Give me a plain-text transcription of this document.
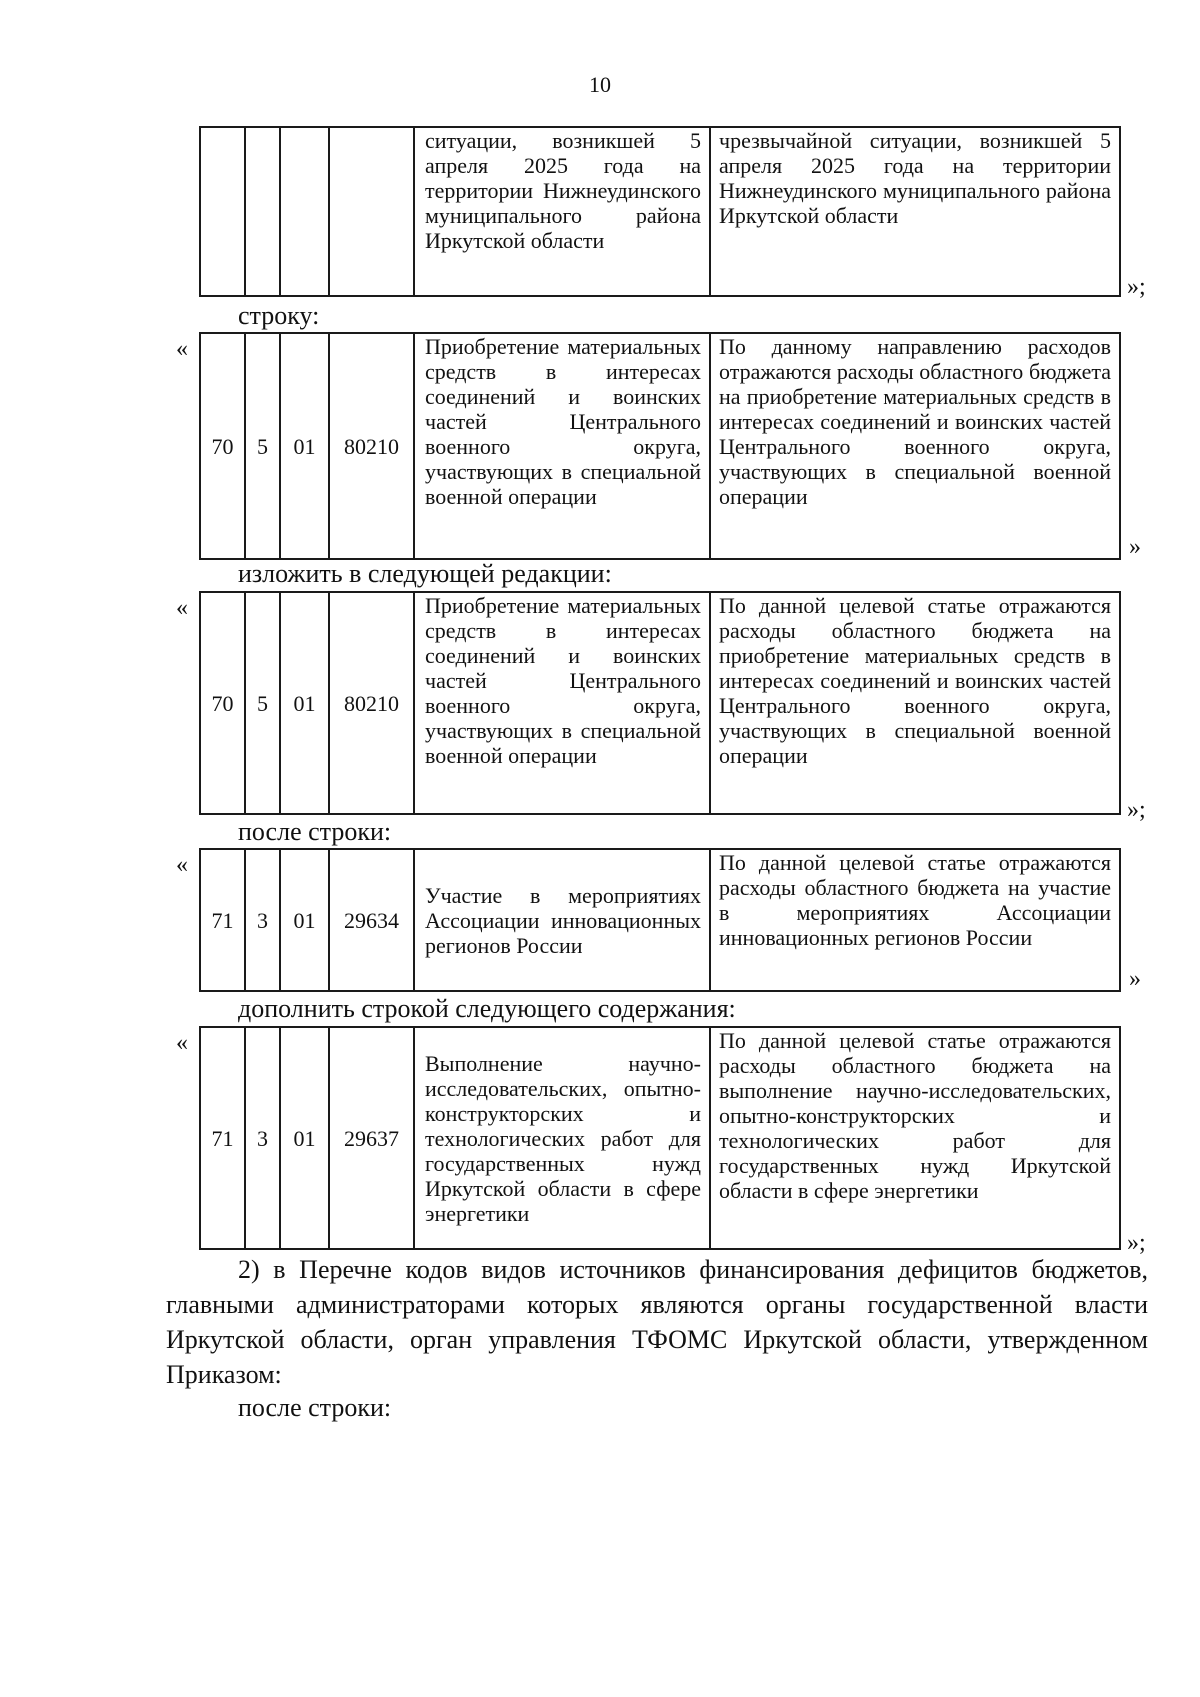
10
				ситуации, возникшей 5 апреля 2025 года на территории Нижнеудинского муниципального района Иркутской области	чрезвычайной ситуации, возникшей 5 апреля 2025 года на территории Нижнеудинского муниципального района Иркутской области
»;
строку:
«
70	5	01	80210	Приобретение материальных средств в интересах соединений и воинских частей Центрального военного округа, участвующих в специальной военной операции	По данному направлению расходов отражаются расходы областного бюджета на приобретение материальных средств в интересах соединений и воинских частей Центрального военного округа, участвующих в специальной военной операции
»
изложить в следующей редакции:
«
70	5	01	80210	Приобретение материальных средств в интересах соединений и воинских частей Центрального военного округа, участвующих в специальной военной операции	По данной целевой статье отражаются расходы областного бюджета на приобретение материальных средств в интересах соединений и воинских частей Центрального военного округа, участвующих в специальной военной операции
»;
после строки:
«
71	3	01	29634	Участие в мероприятиях Ассоциации инновационных регионов России	По данной целевой статье отражаются расходы областного бюджета на участие в мероприятиях Ассоциации инновационных регионов России
»
дополнить строкой следующего содержания:
«
71	3	01	29637	Выполнение научно-исследовательских, опытно-конструкторских и технологических работ для государственных нужд Иркутской области в сфере энергетики	По данной целевой статье отражаются расходы областного бюджета на выполнение научно-исследовательских, опытно-конструкторских и технологических работ для государственных нужд Иркутской области в сфере энергетики
»;
2) в Перечне кодов видов источников финансирования дефицитов бюджетов, главными администраторами которых являются органы государственной власти Иркутской области, орган управления ТФОМС Иркутской области, утвержденном Приказом:
после строки:
